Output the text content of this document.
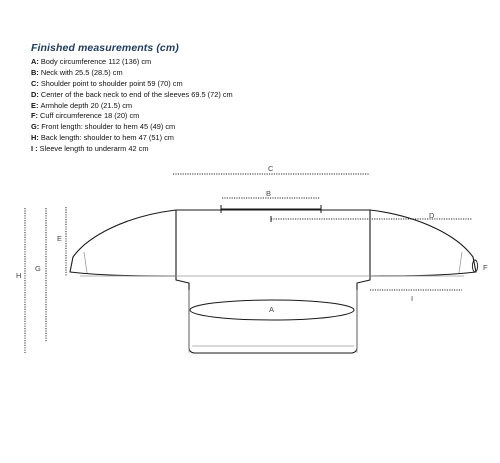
Finished measurements (cm)
A: Body circumference 112 (136) cm
B: Neck with 25.5 (28.5) cm
C: Shoulder point to shoulder point 59 (70) cm
D: Center of the back neck to end of the sleeves 69.5 (72) cm
E: Armhole depth 20 (21.5) cm
F: Cuff circumference 18 (20) cm
G: Front length: shoulder to hem 45 (49) cm
H: Back length: shoulder to hem 47 (51) cm
I : Sleeve length to underarm 42 cm
A
B
C
D
E
F
G
H
I
